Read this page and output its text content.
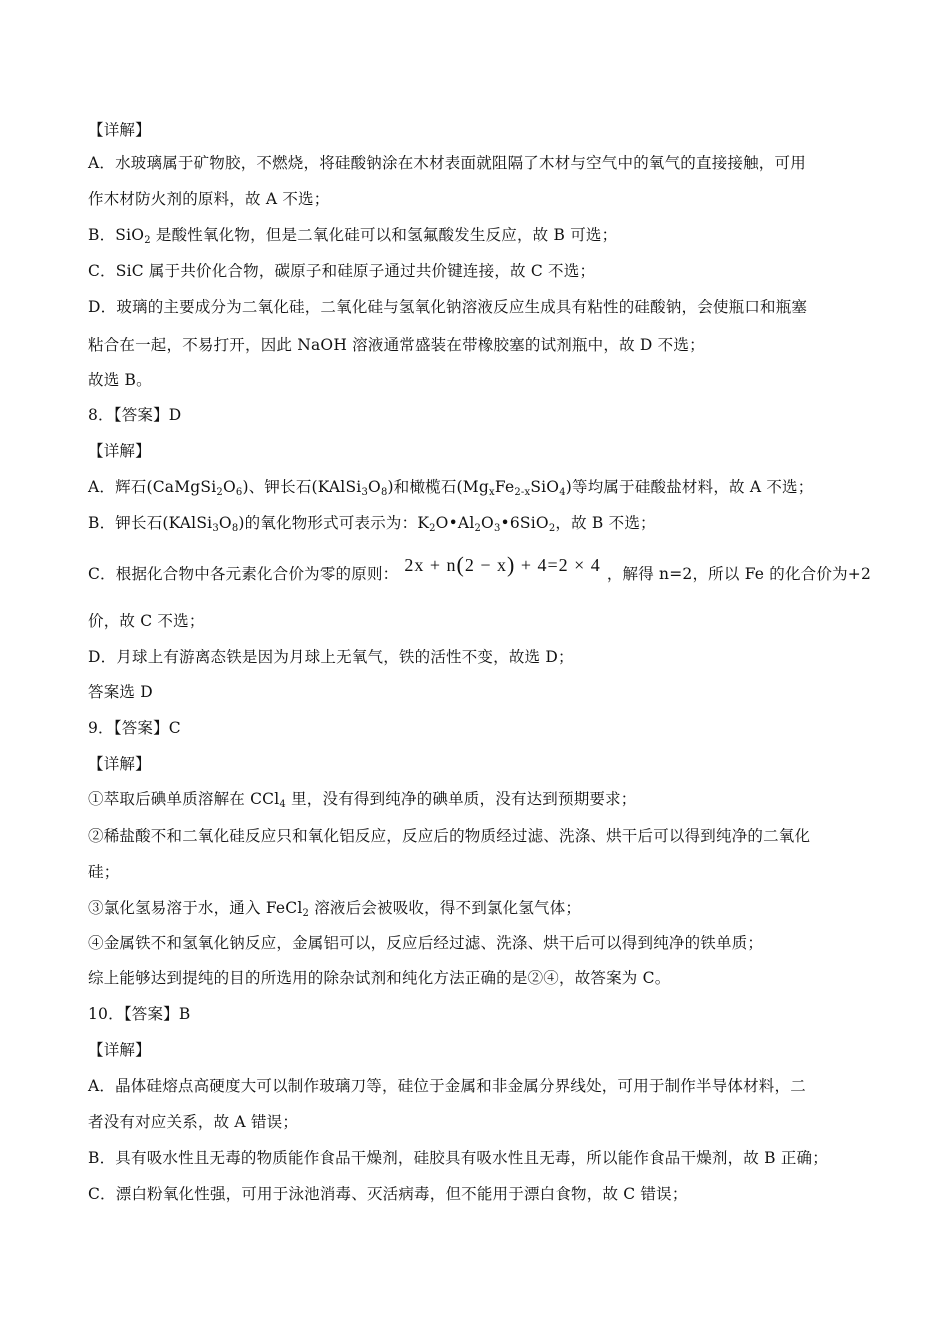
【详解】
A．水玻璃属于矿物胶，不燃烧，将硅酸钠涂在木材表面就阻隔了木材与空气中的氧气的直接接触，可用
作木材防火剂的原料，故 A 不选；
B．SiO$_2$ 是酸性氧化物，但是二氧化硅可以和氢氟酸发生反应，故 B 可选；
C．SiC 属于共价化合物，碳原子和硅原子通过共价键连接，故 C 不选；
D．玻璃的主要成分为二氧化硅，二氧化硅与氢氧化钠溶液反应生成具有粘性的硅酸钠，会使瓶口和瓶塞
粘合在一起，不易打开，因此 NaOH 溶液通常盛装在带橡胶塞的试剂瓶中，故 D 不选；
故选 B。
8．【答案】D
【详解】
A．辉石$(CaMgSi_2O_6)$、钾长石$(KAlSi_3O_8)$和橄榄石$(Mg_xFe_{2-x}SiO_4)$等均属于硅酸盐材料，故 A 不选；
B．钾长石$(KAlSi_3O_8)$的氧化物形式可表示为：$K_2O•Al_2O_3•6SiO_2$，故 B 不选；
C．根据化合物中各元素化合价为零的原则： 2x + n(2 − x) + 4=2 × 4 ，解得 n=2，所以 Fe 的化合价为+2
价，故 C 不选；
D．月球上有游离态铁是因为月球上无氧气，铁的活性不变，故选 D；
答案选 D
9．【答案】C
【详解】
①萃取后碘单质溶解在 CCl$_4$ 里，没有得到纯净的碘单质，没有达到预期要求；
②稀盐酸不和二氧化硅反应只和氧化铝反应，反应后的物质经过滤、洗涤、烘干后可以得到纯净的二氧化
硅；
③氯化氢易溶于水，通入 FeCl$_2$ 溶液后会被吸收，得不到氯化氢气体；
④金属铁不和氢氧化钠反应，金属铝可以，反应后经过滤、洗涤、烘干后可以得到纯净的铁单质；
综上能够达到提纯的目的所选用的除杂试剂和纯化方法正确的是②④，故答案为 C。
10．【答案】B
【详解】
A．晶体硅熔点高硬度大可以制作玻璃刀等，硅位于金属和非金属分界线处，可用于制作半导体材料，二
者没有对应关系，故 A 错误；
B．具有吸水性且无毒的物质能作食品干燥剂，硅胶具有吸水性且无毒，所以能作食品干燥剂，故 B 正确；
C．漂白粉氧化性强，可用于泳池消毒、灭活病毒，但不能用于漂白食物，故 C 错误；
